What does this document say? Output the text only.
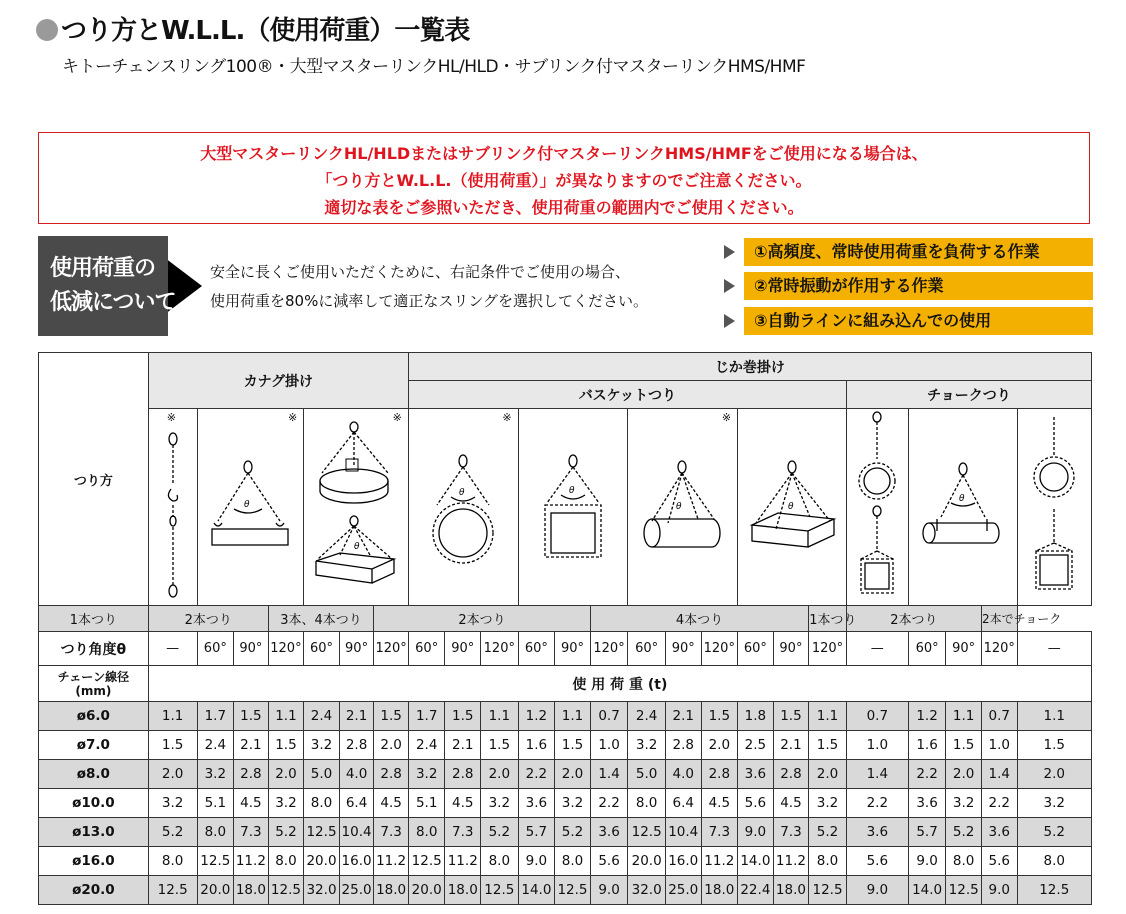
つり方とW.L.L.（使用荷重）一覧表
キトーチェンスリング100®・大型マスターリンクHL/HLD・サブリンク付マスターリンクHMS/HMF
大型マスターリンクHL/HLDまたはサブリンク付マスターリンクHMS/HMFをご使用になる場合は、
「つり方とW.L.L.（使用荷重）」が異なりますのでご注意ください。
適切な表をご参照いただき、使用荷重の範囲内でご使用ください。
使用荷重の
低減について
安全に長くご使用いただくために、右記条件でご使用の場合、
使用荷重を80%に減率して適正なスリングを選択してください。
①高頻度、常時使用荷重を負荷する作業
②常時振動が作用する作業
③自動ラインに組み込んでの使用
つり方	カナグ掛け							じか巻掛け																
								バスケットつり												チョークつり				

	※	※
θ			※
θ			※
θ			θ			※
θ			θ				θ

1本つり	2本つり			3本、4本つり			2本つり						4本つり						1本つり	2本つり			2本でチョーク	
つり角度θ	—	60°	90°	120°	60°	90°	120°	60°	90°	120°	60°	90°	120°	60°	90°	120°	60°	90°	120°	—	60°	90°	120°	—

チェーン線径
(mm)	使 用 荷 重 (t)																							
ø6.0	1.1	1.7	1.5	1.1	2.4	2.1	1.5	1.7	1.5	1.1	1.2	1.1	0.7	2.4	2.1	1.5	1.8	1.5	1.1	0.7	1.2	1.1	0.7	1.1
ø7.0	1.5	2.4	2.1	1.5	3.2	2.8	2.0	2.4	2.1	1.5	1.6	1.5	1.0	3.2	2.8	2.0	2.5	2.1	1.5	1.0	1.6	1.5	1.0	1.5
ø8.0	2.0	3.2	2.8	2.0	5.0	4.0	2.8	3.2	2.8	2.0	2.2	2.0	1.4	5.0	4.0	2.8	3.6	2.8	2.0	1.4	2.2	2.0	1.4	2.0
ø10.0	3.2	5.1	4.5	3.2	8.0	6.4	4.5	5.1	4.5	3.2	3.6	3.2	2.2	8.0	6.4	4.5	5.6	4.5	3.2	2.2	3.6	3.2	2.2	3.2
ø13.0	5.2	8.0	7.3	5.2	12.5	10.4	7.3	8.0	7.3	5.2	5.7	5.2	3.6	12.5	10.4	7.3	9.0	7.3	5.2	3.6	5.7	5.2	3.6	5.2
ø16.0	8.0	12.5	11.2	8.0	20.0	16.0	11.2	12.5	11.2	8.0	9.0	8.0	5.6	20.0	16.0	11.2	14.0	11.2	8.0	5.6	9.0	8.0	5.6	8.0
ø20.0	12.5	20.0	18.0	12.5	32.0	25.0	18.0	20.0	18.0	12.5	14.0	12.5	9.0	32.0	25.0	18.0	22.4	18.0	12.5	9.0	14.0	12.5	9.0	12.5
